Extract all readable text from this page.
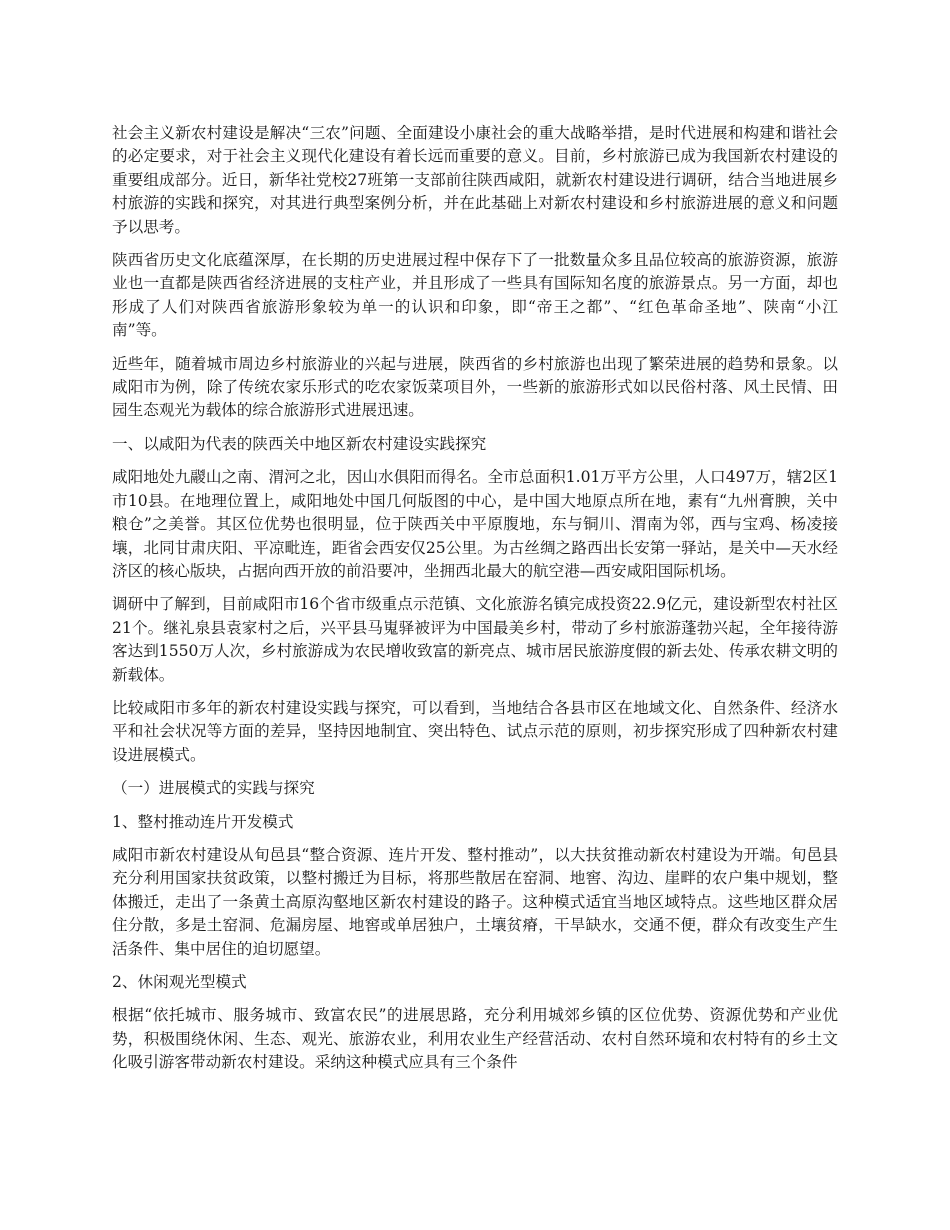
社会主义新农村建设是解决“三农”问题、全面建设小康社会的重大战略举措，是时代进展和构建和谐社会的必定要求，对于社会主义现代化建设有着长远而重要的意义。目前，乡村旅游已成为我国新农村建设的重要组成部分。近日，新华社党校27班第一支部前往陕西咸阳，就新农村建设进行调研，结合当地进展乡村旅游的实践和探究，对其进行典型案例分析，并在此基础上对新农村建设和乡村旅游进展的意义和问题予以思考。

陕西省历史文化底蕴深厚，在长期的历史进展过程中保存下了一批数量众多且品位较高的旅游资源，旅游业也一直都是陕西省经济进展的支柱产业，并且形成了一些具有国际知名度的旅游景点。另一方面，却也形成了人们对陕西省旅游形象较为单一的认识和印象，即“帝王之都”、“红色革命圣地”、陕南“小江南”等。

近些年，随着城市周边乡村旅游业的兴起与进展，陕西省的乡村旅游也出现了繁荣进展的趋势和景象。以咸阳市为例，除了传统农家乐形式的吃农家饭菜项目外，一些新的旅游形式如以民俗村落、风土民情、田园生态观光为载体的综合旅游形式进展迅速。

一、以咸阳为代表的陕西关中地区新农村建设实践探究

咸阳地处九鬷山之南、渭河之北，因山水俱阳而得名。全市总面积1.01万平方公里，人口497万，辖2区1市10县。在地理位置上，咸阳地处中国几何版图的中心，是中国大地原点所在地，素有“九州膏腴，关中粮仓”之美誉。其区位优势也很明显，位于陕西关中平原腹地，东与铜川、渭南为邻，西与宝鸡、杨凌接壤，北同甘肃庆阳、平凉毗连，距省会西安仅25公里。为古丝绸之路西出长安第一驿站，是关中—天水经济区的核心版块，占据向西开放的前沿要冲，坐拥西北最大的航空港—西安咸阳国际机场。

调研中了解到，目前咸阳市16个省市级重点示范镇、文化旅游名镇完成投资22.9亿元，建设新型农村社区21个。继礼泉县袁家村之后，兴平县马嵬驿被评为中国最美乡村，带动了乡村旅游蓬勃兴起，全年接待游客达到1550万人次，乡村旅游成为农民增收致富的新亮点、城市居民旅游度假的新去处、传承农耕文明的新载体。

比较咸阳市多年的新农村建设实践与探究，可以看到，当地结合各县市区在地域文化、自然条件、经济水平和社会状况等方面的差异，坚持因地制宜、突出特色、试点示范的原则，初步探究形成了四种新农村建设进展模式。

（一）进展模式的实践与探究

1、整村推动连片开发模式

咸阳市新农村建设从旬邑县“整合资源、连片开发、整村推动”，以大扶贫推动新农村建设为开端。旬邑县充分利用国家扶贫政策，以整村搬迁为目标，将那些散居在窑洞、地窖、沟边、崖畔的农户集中规划，整体搬迁，走出了一条黄土高原沟壑地区新农村建设的路子。这种模式适宜当地区域特点。这些地区群众居住分散，多是土窑洞、危漏房屋、地窖或单居独户，土壤贫瘠，干旱缺水，交通不便，群众有改变生产生活条件、集中居住的迫切愿望。

2、休闲观光型模式

根据“依托城市、服务城市、致富农民”的进展思路，充分利用城郊乡镇的区位优势、资源优势和产业优势，积极围绕休闲、生态、观光、旅游农业，利用农业生产经营活动、农村自然环境和农村特有的乡土文化吸引游客带动新农村建设。采纳这种模式应具有三个条件
